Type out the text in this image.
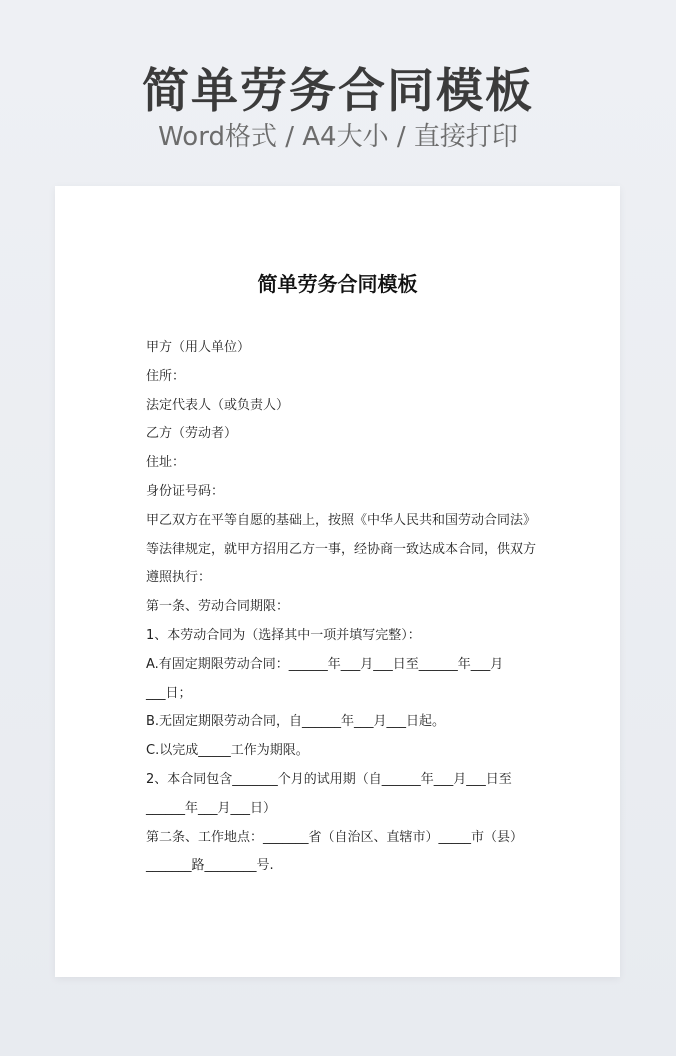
简单劳务合同模板
Word格式 / A4大小 / 直接打印
简单劳务合同模板
甲方（用人单位）
住所：
法定代表人（或负责人）
乙方（劳动者）
住址：
身份证号码：
甲乙双方在平等自愿的基础上，按照《中华人民共和国劳动合同法》
等法律规定，就甲方招用乙方一事，经协商一致达成本合同，供双方
遵照执行：
第一条、劳动合同期限：
1、本劳动合同为（选择其中一项并填写完整）：
A.有固定期限劳动合同：______年___月___日至______年___月
___日；
B.无固定期限劳动合同，自______年___月___日起。
C.以完成_____工作为期限。
2、本合同包含_______个月的试用期（自______年___月___日至
______年___月___日）
第二条、工作地点：_______省（自治区、直辖市）_____市（县）
_______路________号.
